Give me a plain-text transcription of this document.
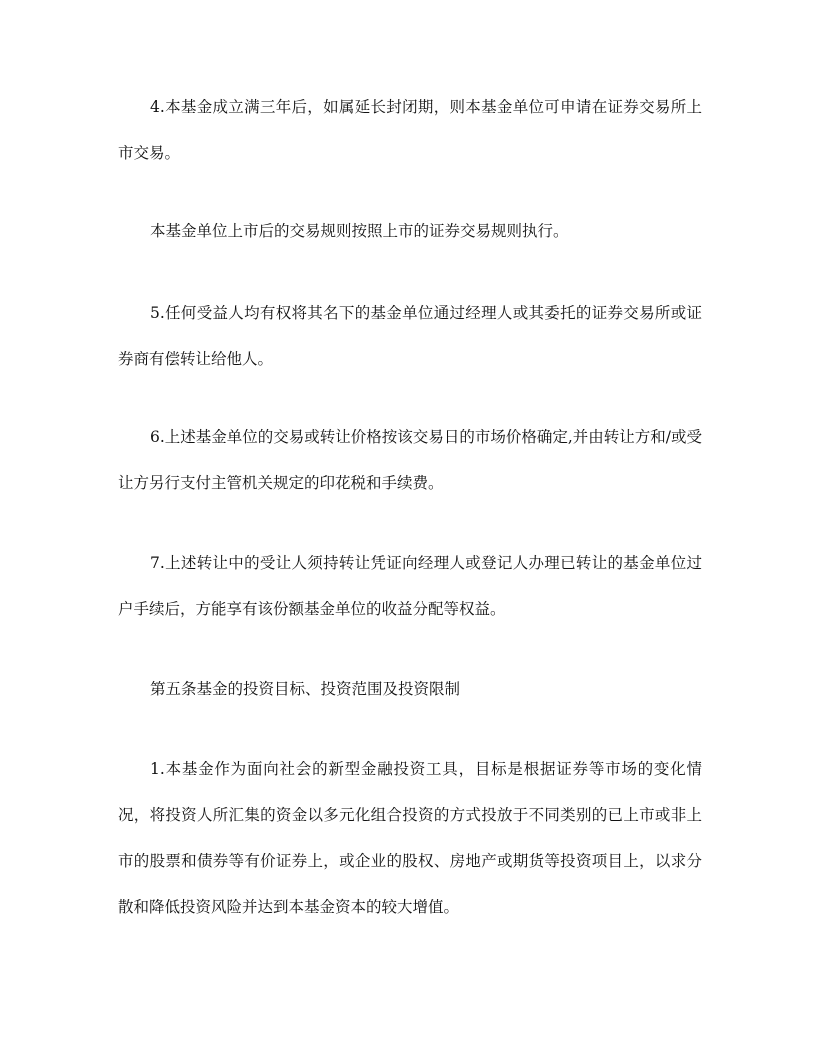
4.本基金成立满三年后，如属延长封闭期，则本基金单位可申请在证券交易所上市交易。

本基金单位上市后的交易规则按照上市的证券交易规则执行。

5.任何受益人均有权将其名下的基金单位通过经理人或其委托的证券交易所或证券商有偿转让给他人。

6.上述基金单位的交易或转让价格按该交易日的市场价格确定,并由转让方和/或受让方另行支付主管机关规定的印花税和手续费。

7.上述转让中的受让人须持转让凭证向经理人或登记人办理已转让的基金单位过户手续后，方能享有该份额基金单位的收益分配等权益。

第五条基金的投资目标、投资范围及投资限制

1.本基金作为面向社会的新型金融投资工具，目标是根据证券等市场的变化情况，将投资人所汇集的资金以多元化组合投资的方式投放于不同类别的已上市或非上市的股票和债券等有价证券上，或企业的股权、房地产或期货等投资项目上，以求分散和降低投资风险并达到本基金资本的较大增值。
